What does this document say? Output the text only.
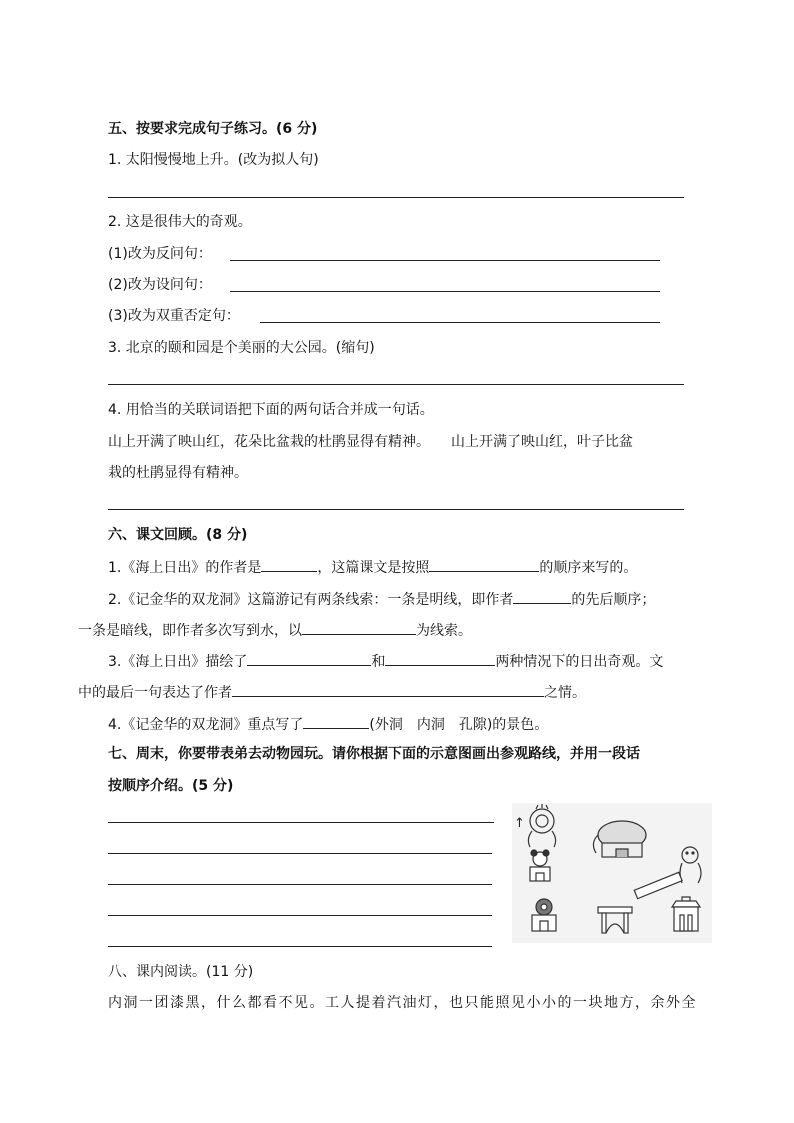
五、按要求完成句子练习。(6 分)
1. 太阳慢慢地上升。(改为拟人句)
2. 这是很伟大的奇观。
(1)改为反问句：
(2)改为设问句：
(3)改为双重否定句：
3. 北京的颐和园是个美丽的大公园。(缩句)
4. 用恰当的关联词语把下面的两句话合并成一句话。
山上开满了映山红，花朵比盆栽的杜鹃显得有精神。　　山上开满了映山红，叶子比盆
栽的杜鹃显得有精神。
六、课文回顾。(8 分)
1.《海上日出》的作者是	，这篇课文是按照	的顺序来写的。
2.《记金华的双龙洞》这篇游记有两条线索：一条是明线，即作者	的先后顺序；
一条是暗线，即作者多次写到水，以	为线索。
3.《海上日出》描绘了	和	两种情况下的日出奇观。文
中的最后一句表达了作者	之情。
4.《记金华的双龙洞》重点写了	(外洞　内洞　孔隙)的景色。
七、周末，你要带表弟去动物园玩。请你根据下面的示意图画出参观路线，并用一段话
按顺序介绍。(5 分)
↑
八、课内阅读。(11 分)
内洞一团漆黑，什么都看不见。工人提着汽油灯，也只能照见小小的一块地方，余外全
